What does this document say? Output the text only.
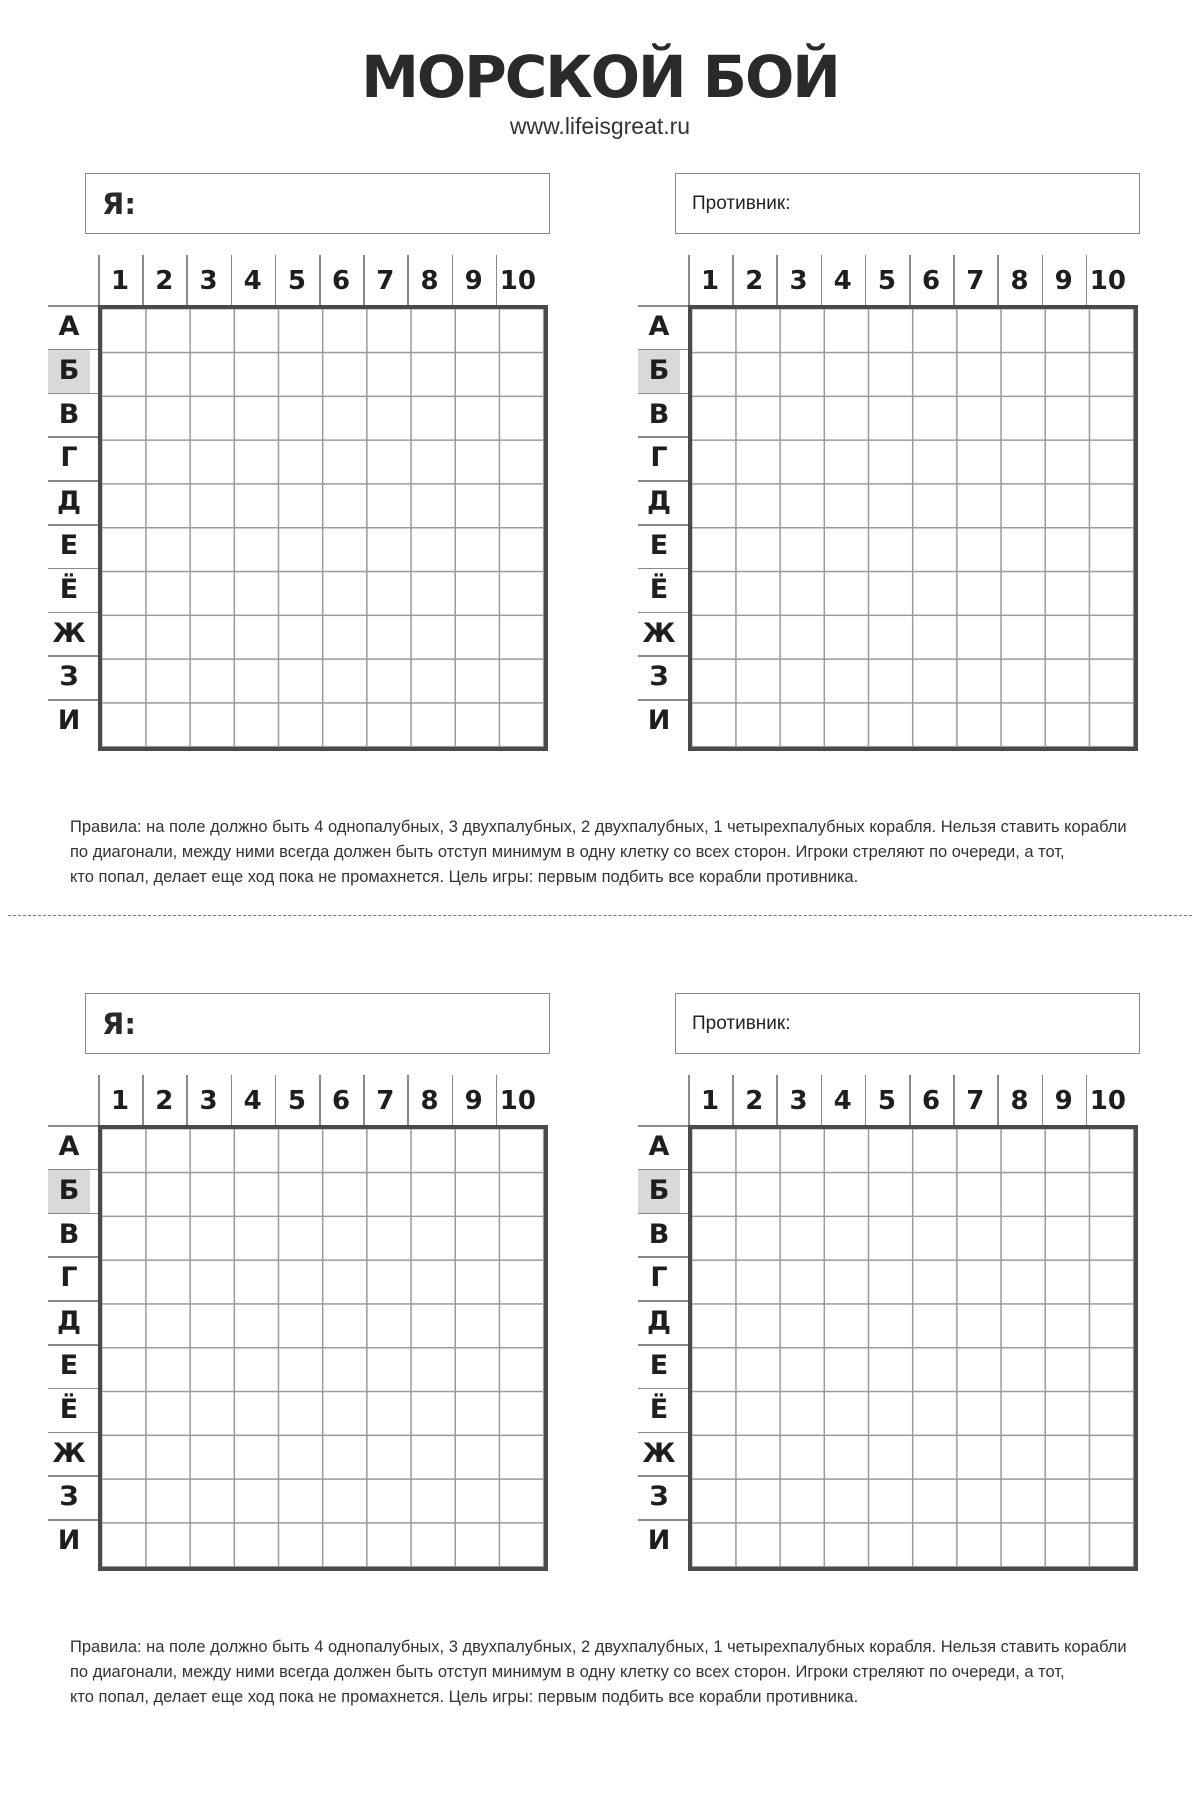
МОРСКОЙ БОЙ
www.lifeisgreat.ru
Я:	Противник:
1	2	3	4	5	6	7	8	9 10
А
Б
В
Г
Д
Е
Ё
Ж
З
И
1	2	3	4	5	6	7	8	9 10
А
Б
В
Г
Д
Е
Ё
Ж
З
И
Правила: на поле должно быть 4 однопалубных, 3 двухпалубных, 2 двухпалубных, 1 четырехпалубных корабля. Нельзя ставить корабли
по диагонали, между ними всегда должен быть отступ минимум в одну клетку со всех сторон. Игроки стреляют по очереди, а тот,
кто попал, делает еще ход пока не промахнется. Цель игры: первым подбить все корабли противника.
Я:	Противник:
1	2	3	4	5	6	7	8	9 10
А
Б
В
Г
Д
Е
Ё
Ж
З
И
1	2	3	4	5	6	7	8	9 10
А
Б
В
Г
Д
Е
Ё
Ж
З
И
Правила: на поле должно быть 4 однопалубных, 3 двухпалубных, 2 двухпалубных, 1 четырехпалубных корабля. Нельзя ставить корабли
по диагонали, между ними всегда должен быть отступ минимум в одну клетку со всех сторон. Игроки стреляют по очереди, а тот,
кто попал, делает еще ход пока не промахнется. Цель игры: первым подбить все корабли противника.
